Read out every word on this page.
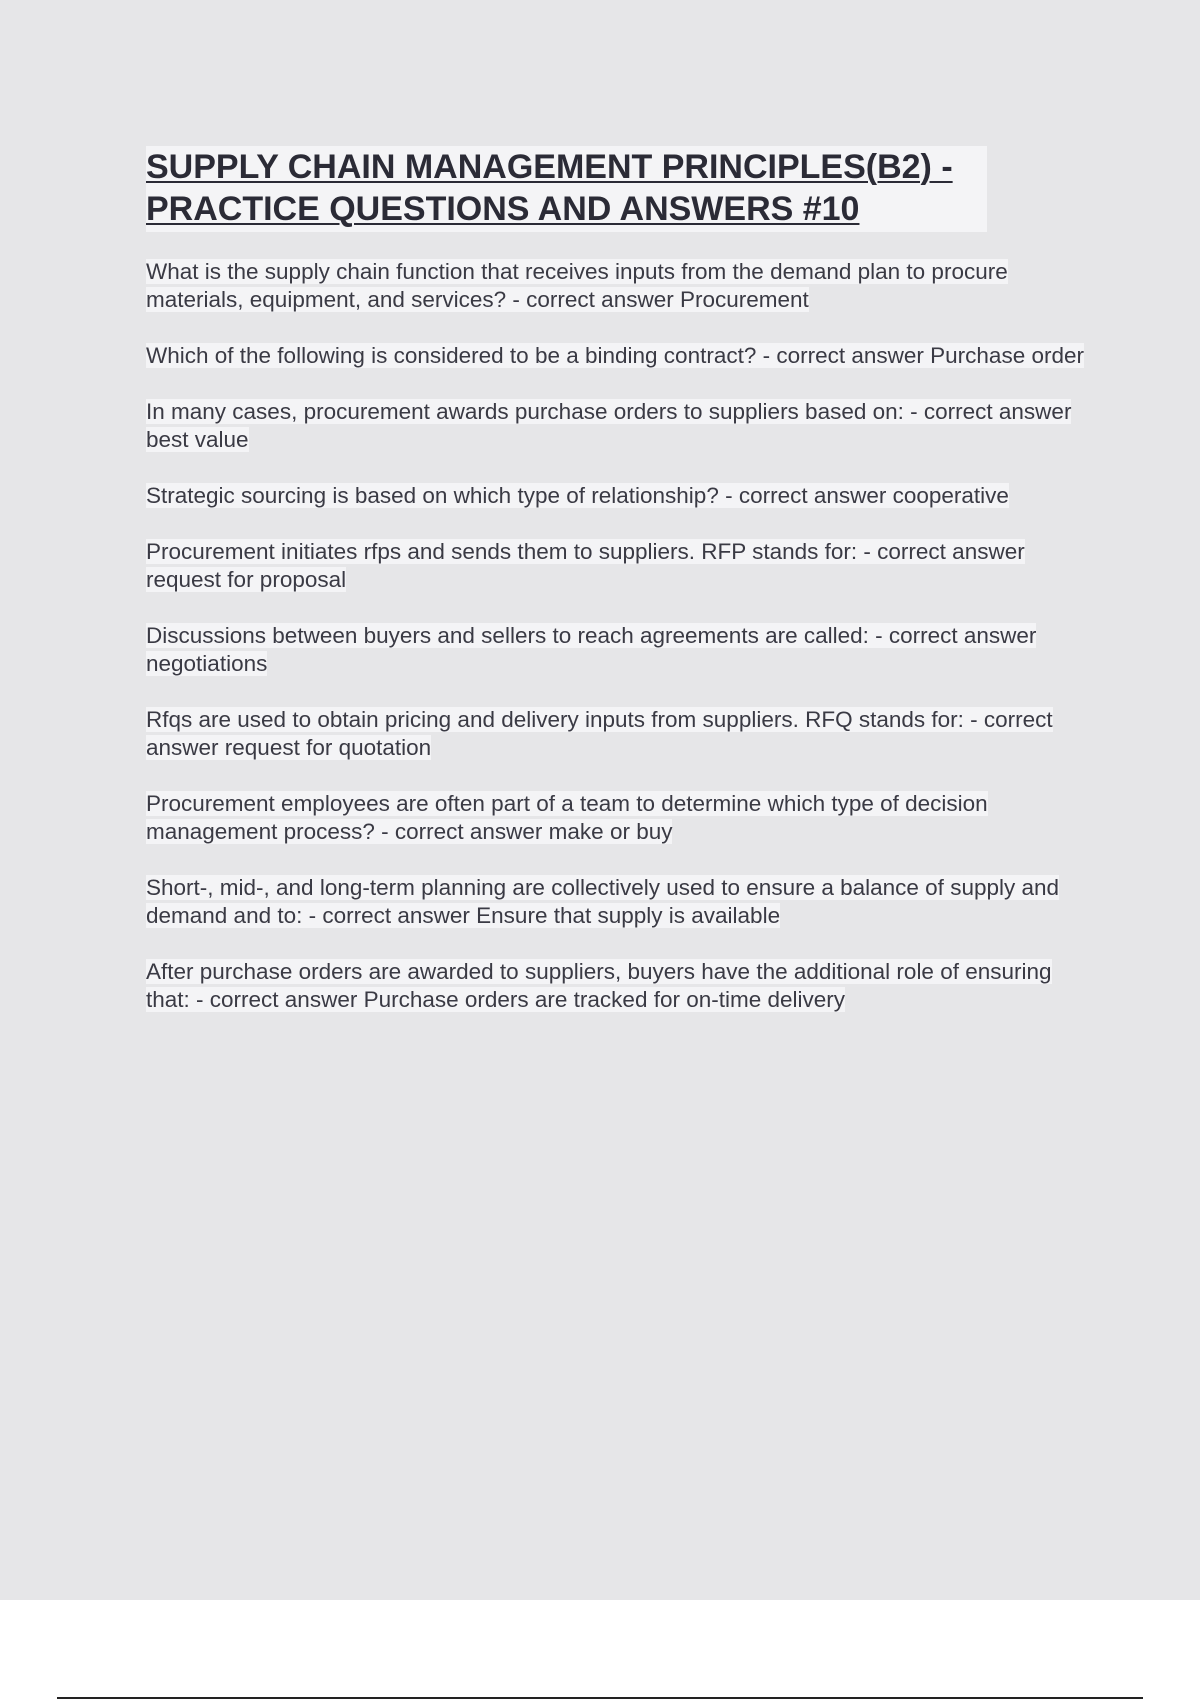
SUPPLY CHAIN MANAGEMENT PRINCIPLES(B2) -
PRACTICE QUESTIONS AND ANSWERS #10

What is the supply chain function that receives inputs from the demand plan to procure materials, equipment, and services? - correct answer Procurement

Which of the following is considered to be a binding contract? - correct answer Purchase order

In many cases, procurement awards purchase orders to suppliers based on: - correct answer best value

Strategic sourcing is based on which type of relationship? - correct answer cooperative

Procurement initiates rfps and sends them to suppliers. RFP stands for: - correct answer request for proposal

Discussions between buyers and sellers to reach agreements are called: - correct answer negotiations

Rfqs are used to obtain pricing and delivery inputs from suppliers. RFQ stands for: - correct answer request for quotation

Procurement employees are often part of a team to determine which type of decision management process? - correct answer make or buy

Short-, mid-, and long-term planning are collectively used to ensure a balance of supply and demand and to: - correct answer Ensure that supply is available

After purchase orders are awarded to suppliers, buyers have the additional role of ensuring that: - correct answer Purchase orders are tracked for on-time delivery
